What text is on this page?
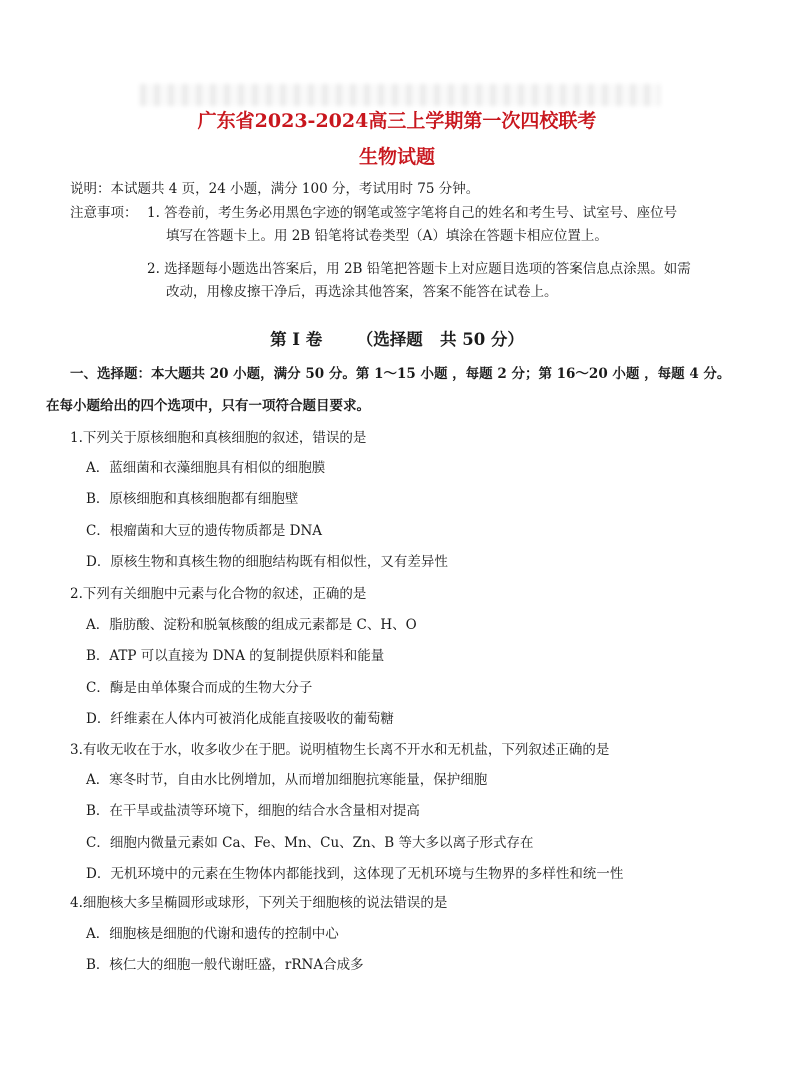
广东省2023-2024高三上学期第一次四校联考
生物试题
说明：本试题共 4 页，24 小题，满分 100 分，考试用时 75 分钟。
注意事项： 1. 答卷前，考生务必用黑色字迹的钢笔或签字笔将自己的姓名和考生号、试室号、座位号
填写在答题卡上。用 2B 铅笔将试卷类型（A）填涂在答题卡相应位置上。
2. 选择题每小题选出答案后，用 2B 铅笔把答题卡上对应题目选项的答案信息点涂黑。如需
改动，用橡皮擦干净后，再选涂其他答案，答案不能答在试卷上。
第 I 卷      （选择题   共 50 分）
一、选择题：本大题共 20 小题，满分 50 分。第 1～15 小题 ，每题 2 分；第 16～20 小题 ，每题 4 分。
在每小题给出的四个选项中，只有一项符合题目要求。
1.下列关于原核细胞和真核细胞的叙述，错误的是
A．蓝细菌和衣藻细胞具有相似的细胞膜
B．原核细胞和真核细胞都有细胞壁
C．根瘤菌和大豆的遗传物质都是 DNA
D．原核生物和真核生物的细胞结构既有相似性，又有差异性
2.下列有关细胞中元素与化合物的叙述，正确的是
A．脂肪酸、淀粉和脱氧核酸的组成元素都是 C、H、O
B．ATP 可以直接为 DNA 的复制提供原料和能量
C．酶是由单体聚合而成的生物大分子
D．纤维素在人体内可被消化成能直接吸收的葡萄糖
3.有收无收在于水，收多收少在于肥。说明植物生长离不开水和无机盐，下列叙述正确的是
A．寒冬时节，自由水比例增加，从而增加细胞抗寒能量，保护细胞
B．在干旱或盐渍等环境下，细胞的结合水含量相对提高
C．细胞内微量元素如 Ca、Fe、Mn、Cu、Zn、B 等大多以离子形式存在
D．无机环境中的元素在生物体内都能找到，这体现了无机环境与生物界的多样性和统一性
4.细胞核大多呈椭圆形或球形，下列关于细胞核的说法错误的是
A．细胞核是细胞的代谢和遗传的控制中心
B．核仁大的细胞一般代谢旺盛，rRNA合成多
